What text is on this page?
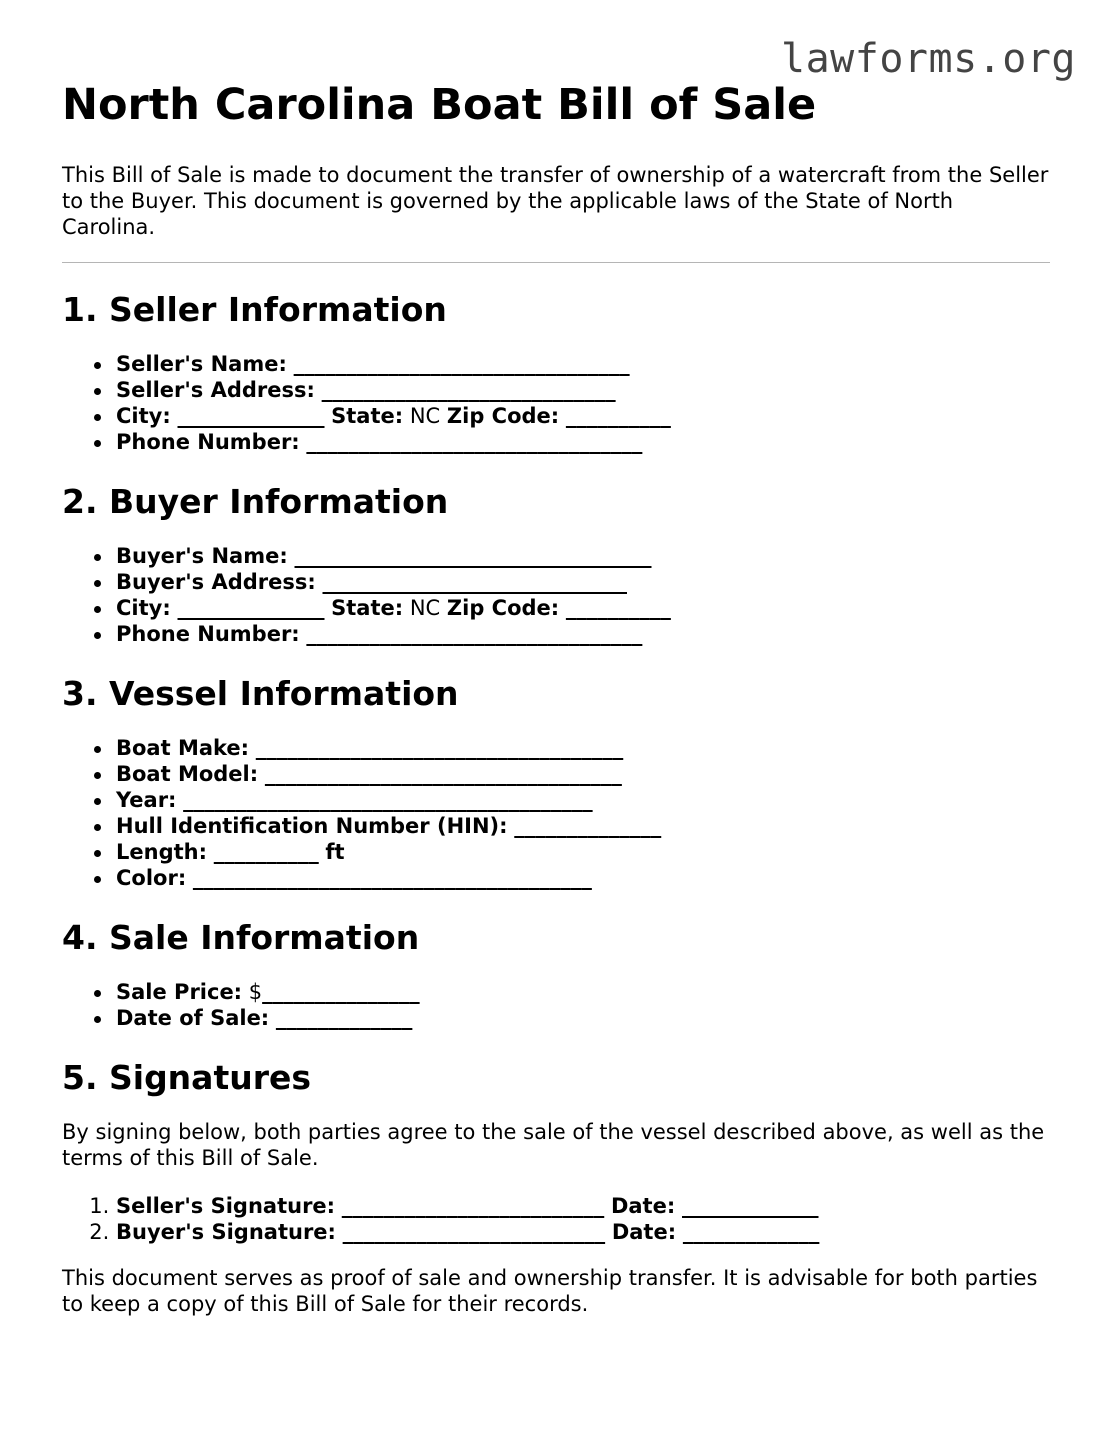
lawforms.org
North Carolina Boat Bill of Sale

This Bill of Sale is made to document the transfer of ownership of a watercraft from the Seller to the Buyer. This document is governed by the applicable laws of the State of North Carolina.

1. Seller Information
Seller's Name: ________________________________
Seller's Address: ____________________________
City: ______________ State: NC Zip Code: __________
Phone Number: ________________________________
2. Buyer Information
Buyer's Name: __________________________________
Buyer's Address: _____________________________
City: ______________ State: NC Zip Code: __________
Phone Number: ________________________________
3. Vessel Information
Boat Make: ___________________________________
Boat Model: __________________________________
Year: _______________________________________
Hull Identification Number (HIN): ______________
Length: __________ ft
Color: ______________________________________
4. Sale Information
Sale Price: $_______________
Date of Sale: _____________
5. Signatures

By signing below, both parties agree to the sale of the vessel described above, as well as the terms of this Bill of Sale.

1. Seller's Signature: _________________________ Date: _____________
2. Buyer's Signature: _________________________ Date: _____________

This document serves as proof of sale and ownership transfer. It is advisable for both parties to keep a copy of this Bill of Sale for their records.
